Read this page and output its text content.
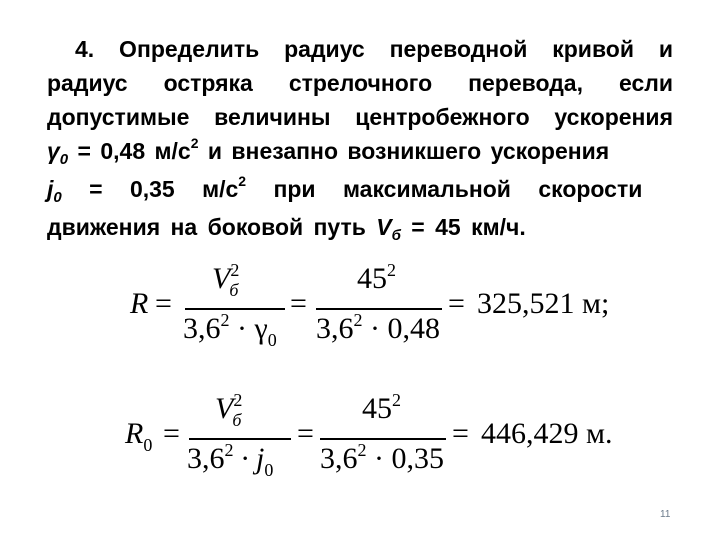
4. Определить радиус переводной кривой и
радиус остряка стрелочного перевода, если
допустимые величины центробежного ускорения
$\gamma_0 = 0,48$ $м/с^2$ и внезапно возникшего ускорения
$j_0 = 0,35$ $м/с^2$ при максимальной скорости
движения на боковой путь $V_б = 45$ км/ч.
R =
$V^2_б$
$3,6^2 \cdot \gamma_0$
=
$45^2$
$3,6^2 \cdot 0,48$
= 325,521 м;
$R_0$ =
$V^2_б$
$3,6^2 \cdot j_0$
=
$45^2$
$3,6^2 \cdot 0,35$
= 446,429 м.
11
